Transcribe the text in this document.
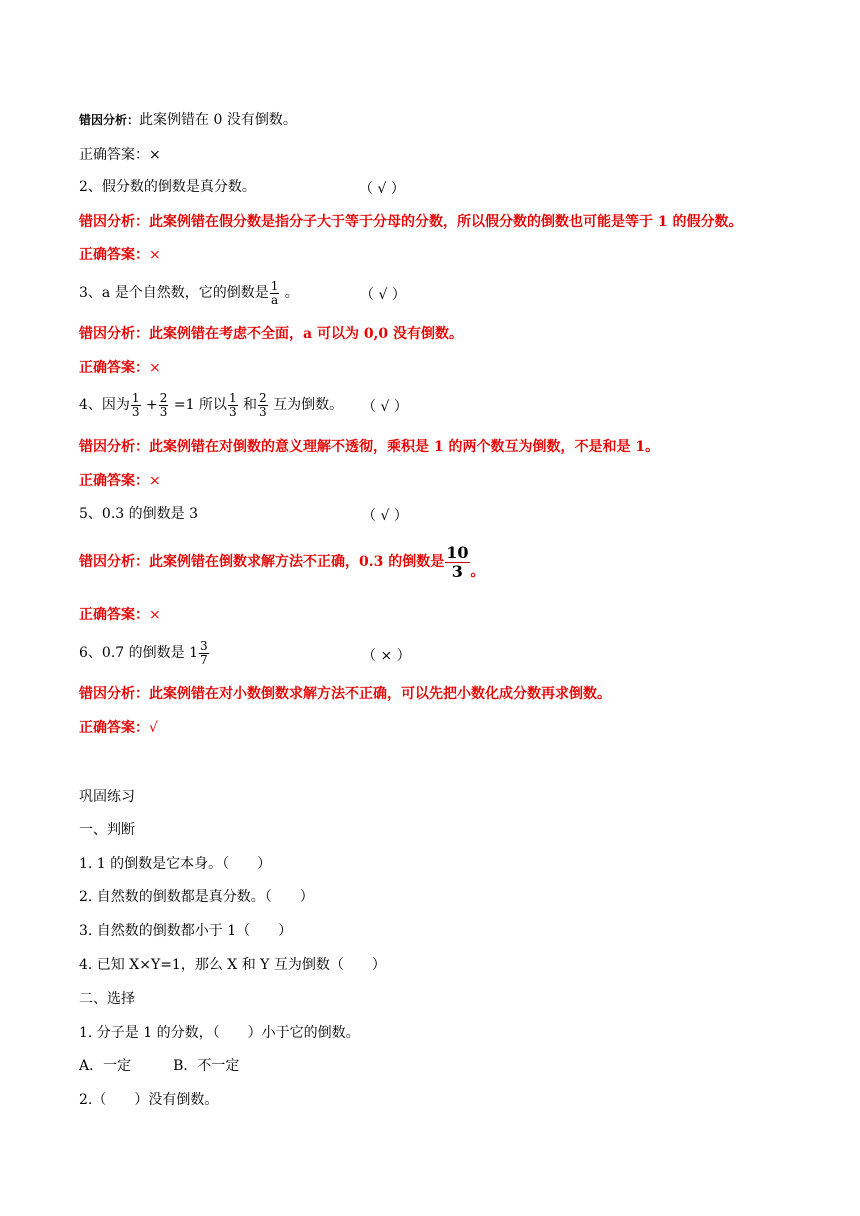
错因分析：此案例错在 0 没有倒数。
正确答案：×
2、假分数的倒数是真分数。	（ √ ）
错因分析：此案例错在假分数是指分子大于等于分母的分数，所以假分数的倒数也可能是等于 1 的假分数。
正确答案：×
3、a 是个自然数，它的倒数是 $\frac{1}{a}$ 。	（ √ ）
错因分析：此案例错在考虑不全面，a 可以为 0,0 没有倒数。
正确答案：×
4、因为 $\frac{1}{3} + \frac{2}{3} =1$ 所以 $\frac{1}{3}$ 和 $\frac{2}{3}$ 互为倒数。 （ √ ）
错因分析：此案例错在对倒数的意义理解不透彻，乘积是 1 的两个数互为倒数，不是和是 1。
正确答案：×
5、0.3 的倒数是 3	（ √ ）
错因分析：此案例错在倒数求解方法不正确，0.3 的倒数是 $\frac{10}{3}$ 。
正确答案：×
6、0.7 的倒数是 $1 \frac{3}{7}$	（ × ）
错因分析：此案例错在对小数倒数求解方法不正确，可以先把小数化成分数再求倒数。
正确答案：√
巩固练习
一、判断
1. 1 的倒数是它本身。（　　）
2. 自然数的倒数都是真分数。（　　）
3. 自然数的倒数都小于 1（　　）
4. 已知 X×Y=1，那么 X 和 Y 互为倒数（　　）
二、选择
1. 分子是 1 的分数，（　　）小于它的倒数。
A．一定　　　B．不一定
2.（　　）没有倒数。
